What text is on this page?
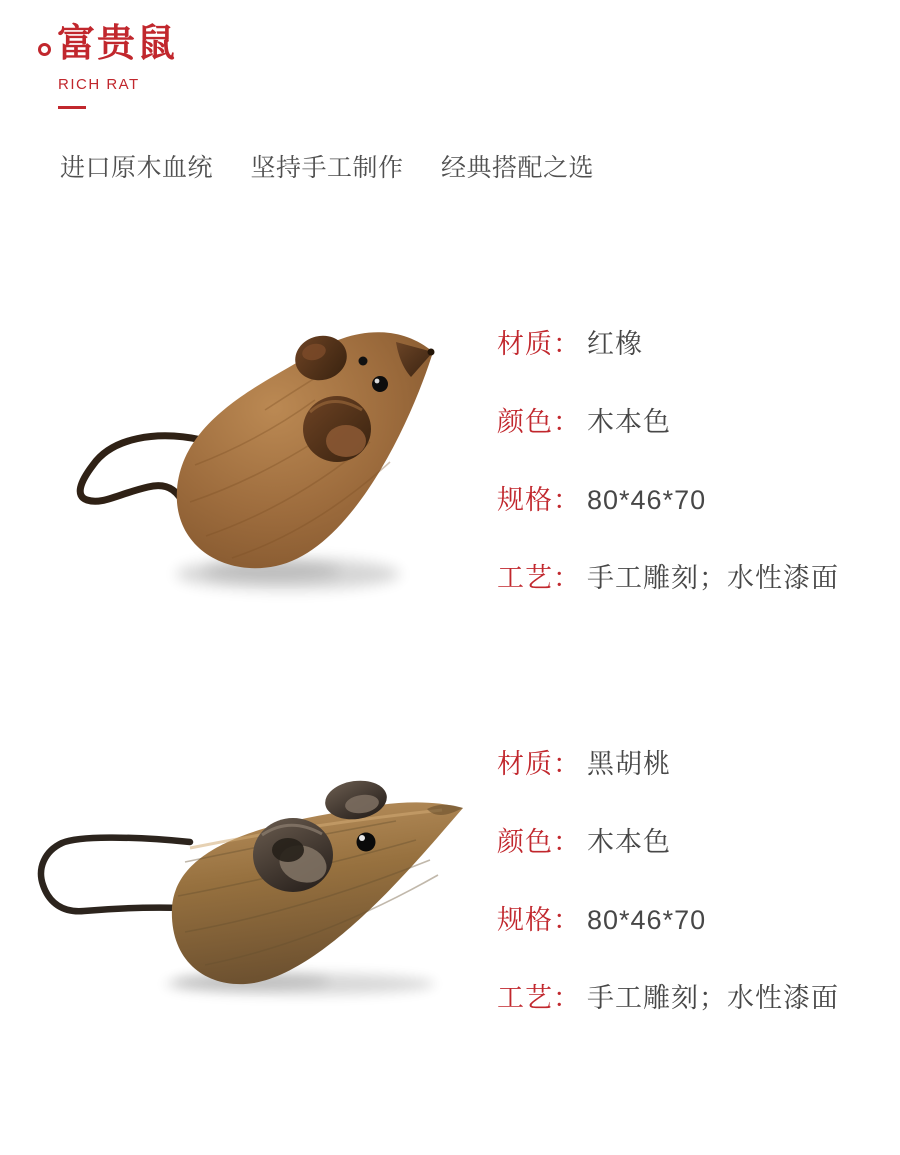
富贵鼠
RICH RAT
进口原木血统 坚持手工制作 经典搭配之选
材质： 红橡
颜色： 木本色
规格： 80*46*70
工艺： 手工雕刻；水性漆面
材质： 黑胡桃
颜色： 木本色
规格： 80*46*70
工艺： 手工雕刻；水性漆面
